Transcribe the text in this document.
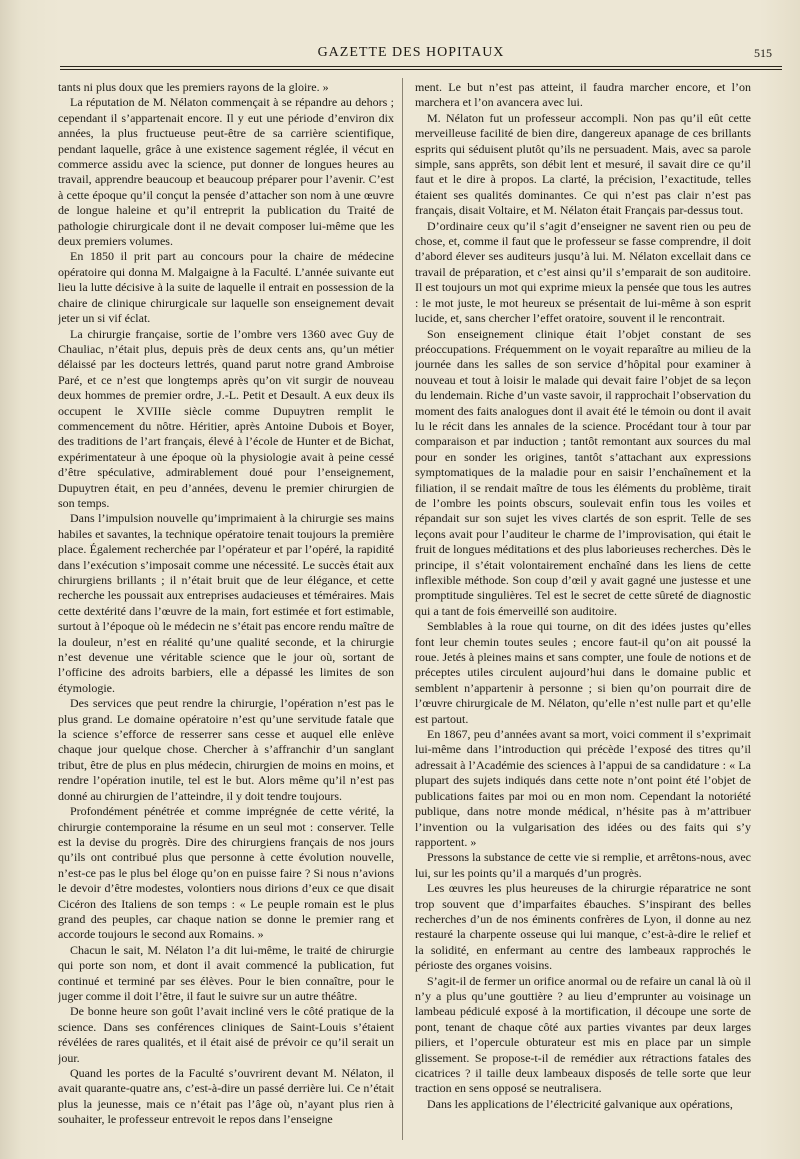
GAZETTE DES HOPITAUX	515

tants ni plus doux que les premiers rayons de la gloire. »

La réputation de M. Nélaton commençait à se répandre au dehors ; cependant il s’appartenait encore. Il y eut une période d’environ dix années, la plus fructueuse peut-être de sa carrière scientifique, pendant laquelle, grâce à une existence sagement réglée, il vécut en commerce assidu avec la science, put donner de longues heures au travail, apprendre beaucoup et beaucoup préparer pour l’avenir. C’est à cette époque qu’il conçut la pensée d’attacher son nom à une œuvre de longue haleine et qu’il entreprit la publication du Traité de pathologie chirurgicale dont il ne devait composer lui-même que les deux premiers volumes.

En 1850 il prit part au concours pour la chaire de médecine opératoire qui donna M. Malgaigne à la Faculté. L’année suivante eut lieu la lutte décisive à la suite de laquelle il entrait en possession de la chaire de clinique chirurgicale sur laquelle son enseignement devait jeter un si vif éclat.

La chirurgie française, sortie de l’ombre vers 1360 avec Guy de Chauliac, n’était plus, depuis près de deux cents ans, qu’un métier délaissé par les docteurs lettrés, quand parut notre grand Ambroise Paré, et ce n’est que longtemps après qu’on vit surgir de nouveau deux hommes de premier ordre, J.-L. Petit et Desault. A eux deux ils occupent le XVIIIe siècle comme Dupuytren remplit le commencement du nôtre. Héritier, après Antoine Dubois et Boyer, des traditions de l’art français, élevé à l’école de Hunter et de Bichat, expérimentateur à une époque où la physiologie avait à peine cessé d’être spéculative, admirablement doué pour l’enseignement, Dupuytren était, en peu d’années, devenu le premier chirurgien de son temps.

Dans l’impulsion nouvelle qu’imprimaient à la chirurgie ses mains habiles et savantes, la technique opératoire tenait toujours la première place. Également recherchée par l’opérateur et par l’opéré, la rapidité dans l’exécution s’imposait comme une nécessité. Le succès était aux chirurgiens brillants ; il n’était bruit que de leur élégance, et cette recherche les poussait aux entreprises audacieuses et téméraires. Mais cette dextérité dans l’œuvre de la main, fort estimée et fort estimable, surtout à l’époque où le médecin ne s’était pas encore rendu maître de la douleur, n’est en réalité qu’une qualité seconde, et la chirurgie n’est devenue une véritable science que le jour où, sortant de l’officine des adroits barbiers, elle a dépassé les limites de son étymologie.

Des services que peut rendre la chirurgie, l’opération n’est pas le plus grand. Le domaine opératoire n’est qu’une servitude fatale que la science s’efforce de resserrer sans cesse et auquel elle enlève chaque jour quelque chose. Chercher à s’affranchir d’un sanglant tribut, être de plus en plus médecin, chirurgien de moins en moins, et rendre l’opération inutile, tel est le but. Alors même qu’il n’est pas donné au chirurgien de l’atteindre, il y doit tendre toujours.

Profondément pénétrée et comme imprégnée de cette vérité, la chirurgie contemporaine la résume en un seul mot : conserver. Telle est la devise du progrès. Dire des chirurgiens français de nos jours qu’ils ont contribué plus que personne à cette évolution nouvelle, n’est-ce pas le plus bel éloge qu’on en puisse faire ? Si nous n’avions le devoir d’être modestes, volontiers nous dirions d’eux ce que disait Cicéron des Italiens de son temps : « Le peuple romain est le plus grand des peuples, car chaque nation se donne le premier rang et accorde toujours le second aux Romains. »

Chacun le sait, M. Nélaton l’a dit lui-même, le traité de chirurgie qui porte son nom, et dont il avait commencé la publication, fut continué et terminé par ses élèves. Pour le bien connaître, pour le juger comme il doit l’être, il faut le suivre sur un autre théâtre.

De bonne heure son goût l’avait incliné vers le côté pratique de la science. Dans ses conférences cliniques de Saint-Louis s’étaient révélées de rares qualités, et il était aisé de prévoir ce qu’il serait un jour.

Quand les portes de la Faculté s’ouvrirent devant M. Nélaton, il avait quarante-quatre ans, c’est-à-dire un passé derrière lui. Ce n’était plus la jeunesse, mais ce n’était pas l’âge où, n’ayant plus rien à souhaiter, le professeur entrevoit le repos dans l’enseigne

ment. Le but n’est pas atteint, il faudra marcher encore, et l’on marchera et l’on avancera avec lui.

M. Nélaton fut un professeur accompli. Non pas qu’il eût cette merveilleuse facilité de bien dire, dangereux apanage de ces brillants esprits qui séduisent plutôt qu’ils ne persuadent. Mais, avec sa parole simple, sans apprêts, son débit lent et mesuré, il savait dire ce qu’il faut et le dire à propos. La clarté, la précision, l’exactitude, telles étaient ses qualités dominantes. Ce qui n’est pas clair n’est pas français, disait Voltaire, et M. Nélaton était Français par-dessus tout.

D’ordinaire ceux qu’il s’agit d’enseigner ne savent rien ou peu de chose, et, comme il faut que le professeur se fasse comprendre, il doit d’abord élever ses auditeurs jusqu’à lui. M. Nélaton excellait dans ce travail de préparation, et c’est ainsi qu’il s’emparait de son auditoire. Il est toujours un mot qui exprime mieux la pensée que tous les autres : le mot juste, le mot heureux se présentait de lui-même à son esprit lucide, et, sans chercher l’effet oratoire, souvent il le rencontrait.

Son enseignement clinique était l’objet constant de ses préoccupations. Fréquemment on le voyait reparaître au milieu de la journée dans les salles de son service d’hôpital pour examiner à nouveau et tout à loisir le malade qui devait faire l’objet de sa leçon du lendemain. Riche d’un vaste savoir, il rapprochait l’observation du moment des faits analogues dont il avait été le témoin ou dont il avait lu le récit dans les annales de la science. Procédant tour à tour par comparaison et par induction ; tantôt remontant aux sources du mal pour en sonder les origines, tantôt s’attachant aux expressions symptomatiques de la maladie pour en saisir l’enchaînement et la filiation, il se rendait maître de tous les éléments du problème, tirait de l’ombre les points obscurs, soulevait enfin tous les voiles et répandait sur son sujet les vives clartés de son esprit. Telle de ses leçons avait pour l’auditeur le charme de l’improvisation, qui était le fruit de longues méditations et des plus laborieuses recherches. Dès le principe, il s’était volontairement enchaîné dans les liens de cette inflexible méthode. Son coup d’œil y avait gagné une justesse et une promptitude singulières. Tel est le secret de cette sûreté de diagnostic qui a tant de fois émerveillé son auditoire.

Semblables à la roue qui tourne, on dit des idées justes qu’elles font leur chemin toutes seules ; encore faut-il qu’on ait poussé la roue. Jetés à pleines mains et sans compter, une foule de notions et de préceptes utiles circulent aujourd’hui dans le domaine public et semblent n’appartenir à personne ; si bien qu’on pourrait dire de l’œuvre chirurgicale de M. Nélaton, qu’elle n’est nulle part et qu’elle est partout.

En 1867, peu d’années avant sa mort, voici comment il s’exprimait lui-même dans l’introduction qui précède l’exposé des titres qu’il adressait à l’Académie des sciences à l’appui de sa candidature : « La plupart des sujets indiqués dans cette note n’ont point été l’objet de publications faites par moi ou en mon nom. Cependant la notoriété publique, dans notre monde médical, n’hésite pas à m’attribuer l’invention ou la vulgarisation des idées ou des faits qui s’y rapportent. »

Pressons la substance de cette vie si remplie, et arrêtons-nous, avec lui, sur les points qu’il a marqués d’un progrès.

Les œuvres les plus heureuses de la chirurgie réparatrice ne sont trop souvent que d’imparfaites ébauches. S’inspirant des belles recherches d’un de nos éminents confrères de Lyon, il donne au nez restauré la charpente osseuse qui lui manque, c’est-à-dire le relief et la solidité, en enfermant au centre des lambeaux rapprochés le périoste des organes voisins.

S’agit-il de fermer un orifice anormal ou de refaire un canal là où il n’y a plus qu’une gouttière ? au lieu d’emprunter au voisinage un lambeau pédiculé exposé à la mortification, il découpe une sorte de pont, tenant de chaque côté aux parties vivantes par deux larges piliers, et l’opercule obturateur est mis en place par un simple glissement. Se propose-t-il de remédier aux rétractions fatales des cicatrices ? il taille deux lambeaux disposés de telle sorte que leur traction en sens opposé se neutralisera.

Dans les applications de l’électricité galvanique aux opérations,
